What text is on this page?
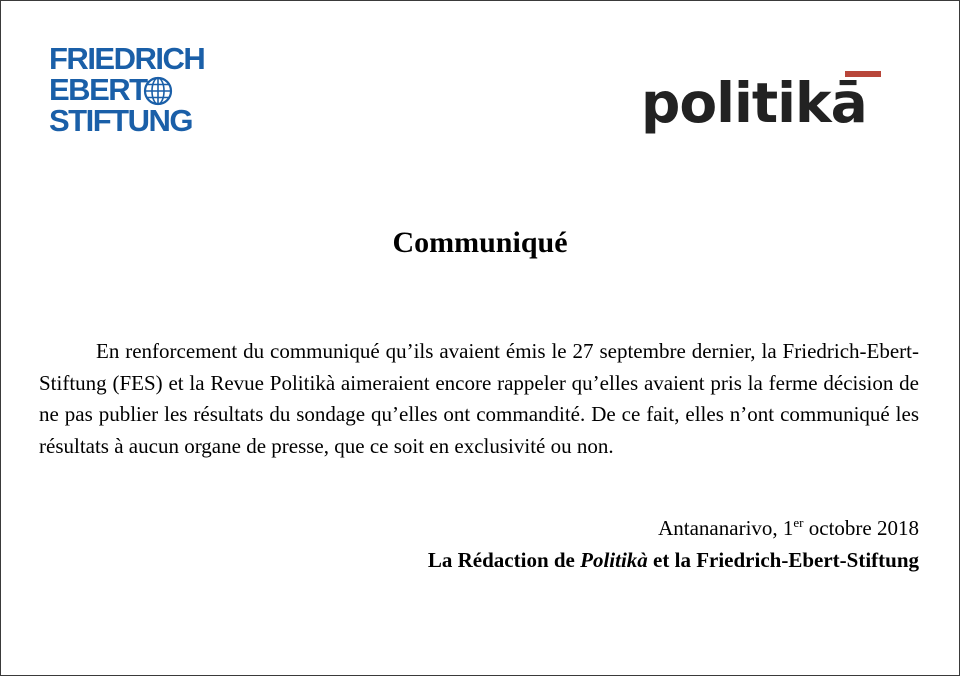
FRIEDRICH
EBERT
STIFTUNG	politikā
Communiqué

En renforcement du communiqué qu’ils avaient émis le 27 septembre dernier, la Friedrich-Ebert-Stiftung (FES) et la Revue Politikà aimeraient encore rappeler qu’elles avaient pris la ferme décision de ne pas publier les résultats du sondage qu’elles ont commandité. De ce fait, elles n’ont communiqué les résultats à aucun organe de presse, que ce soit en exclusivité ou non.

Antananarivo, 1er octobre 2018
La Rédaction de Politikà et la Friedrich-Ebert-Stiftung
